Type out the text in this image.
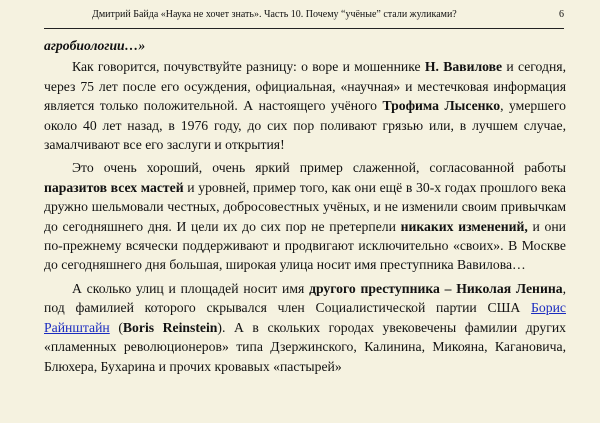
Дмитрий Байда «Наука не хочет знать». Часть 10. Почему “учёные” стали жуликами?	6

агробиологии…»

Как говорится, почувствуйте разницу: о воре и мошеннике Н. Вавилове и сегодня, через 75 лет после его осуждения, официальная, «научная» и местечковая информация является только положительной. А настоящего учёного Трофима Лысенко, умершего около 40 лет назад, в 1976 году, до сих пор поливают грязью или, в лучшем случае, замалчивают все его заслуги и открытия!

Это очень хороший, очень яркий пример слаженной, согласованной работы паразитов всех мастей и уровней, пример того, как они ещё в 30-х годах прошлого века дружно шельмовали честных, добросовестных учёных, и не изменили своим привычкам до сегодняшнего дня. И цели их до сих пор не претерпели никаких изменений, и они по-прежнему всячески поддерживают и продвигают исключительно «своих». В Москве до сегодняшнего дня большая, широкая улица носит имя преступника Вавилова…

А сколько улиц и площадей носит имя другого преступника – Николая Ленина, под фамилией которого скрывался член Социалистической партии США Борис Райнштайн (Boris Reinstein). А в скольких городах увековечены фамилии других «пламенных революционеров» типа Дзержинского, Калинина, Микояна, Кагановича, Блюхера, Бухарина и прочих кровавых «пастырей»
